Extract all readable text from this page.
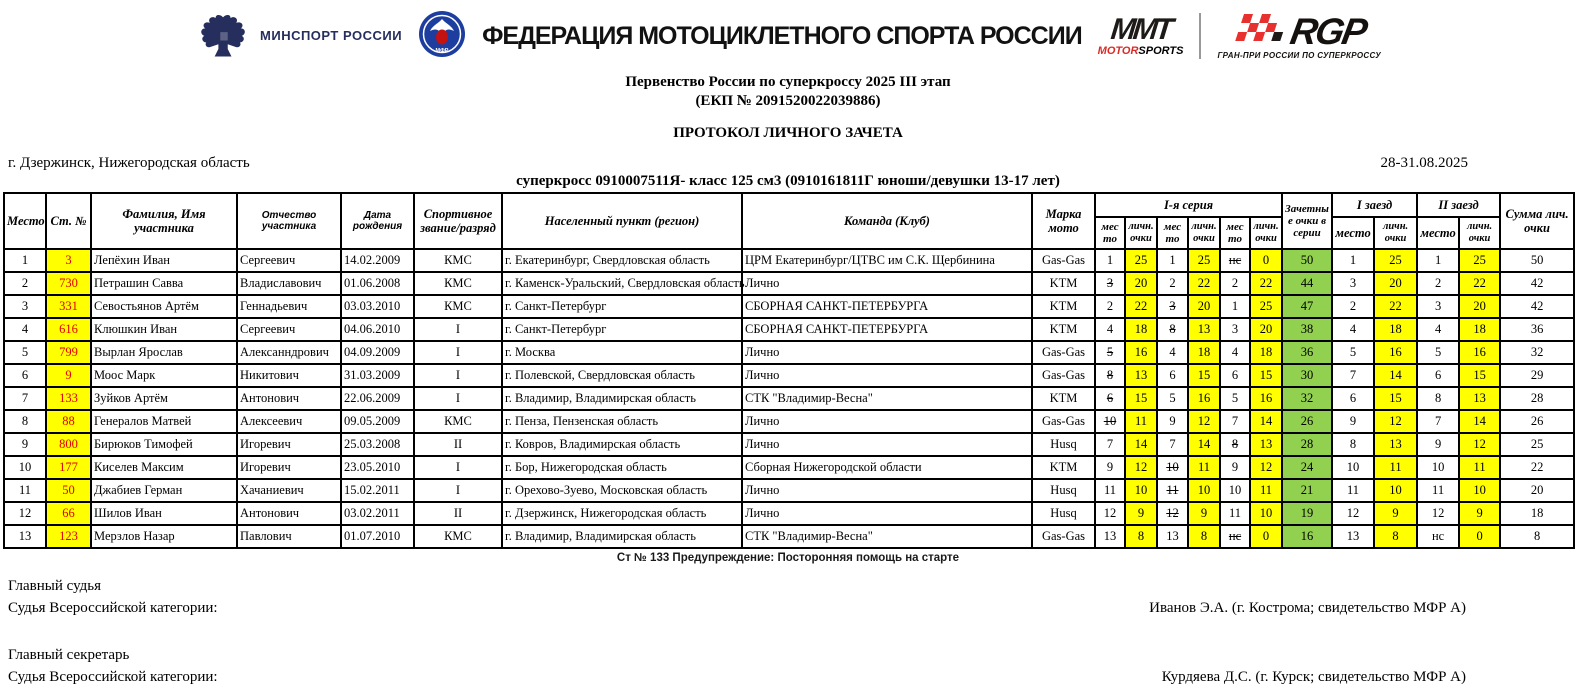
МИНСПОРТ РОССИИ
МФР
ФЕДЕРАЦИЯ МОТОЦИКЛЕТНОГО СПОРТА РОССИИ ММТ
MOTORSPORTS	RGP
ГРАН-ПРИ РОССИИ ПО СУПЕРКРОССУ
Первенство России по суперкроссу 2025 III этап
(ЕКП № 2091520022039886)
ПРОТОКОЛ ЛИЧНОГО ЗАЧЕТА
г. Дзержинск, Нижегородская область	28-31.08.2025
суперкросс 0910007511Я- класс 125 см3 (0910161811Г юноши/девушки 13-17 лет)
Место	Ст. №	Фамилия, Имя участника	Отчество участника	Дата рождения	Спортивное звание/разряд	Населенный пункт (регион)	Команда (Клуб)	Марка мото	I-я серия						Зачетные очки в серии	I заезд		II заезд		Сумма лич. очки
									место	личн. очки	место	личн. очки	место	личн. очки		место	личн. очки	место	личн. очки	
1	3	Лепёхин Иван	Сергеевич	14.02.2009	КМС	г. Екатеринбург, Свердловская область	ЦРМ Екатеринбург/ЦТВС им С.К. Щербинина	Gas-Gas	1	25	1	25	нс	0	50	1	25	1	25	50
2	730	Петрашин Савва	Владиславович	01.06.2008	КМС	г. Каменск-Уральский, Свердловская область	Лично	KTM	3	20	2	22	2	22	44	3	20	2	22	42
3	331	Севостьянов Артём	Геннадьевич	03.03.2010	КМС	г. Санкт-Петербург	СБОРНАЯ САНКТ-ПЕТЕРБУРГА	KTM	2	22	3	20	1	25	47	2	22	3	20	42
4	616	Клюшкин Иван	Сергеевич	04.06.2010	I	г. Санкт-Петербург	СБОРНАЯ САНКТ-ПЕТЕРБУРГА	KTM	4	18	8	13	3	20	38	4	18	4	18	36
5	799	Вырлан Ярослав	Алексанндрович	04.09.2009	I	г. Москва	Лично	Gas-Gas	5	16	4	18	4	18	36	5	16	5	16	32
6	9	Моос Марк	Никитович	31.03.2009	I	г. Полевской, Свердловская область	Лично	Gas-Gas	8	13	6	15	6	15	30	7	14	6	15	29
7	133	Зуйков Артём	Антонович	22.06.2009	I	г. Владимир, Владимирская область	СТК "Владимир-Весна"	KTM	6	15	5	16	5	16	32	6	15	8	13	28
8	88	Генералов Матвей	Алексеевич	09.05.2009	КМС	г. Пенза, Пензенская область	Лично	Gas-Gas	10	11	9	12	7	14	26	9	12	7	14	26
9	800	Бирюков Тимофей	Игоревич	25.03.2008	II	г. Ковров, Владимирская область	Лично	Husq	7	14	7	14	8	13	28	8	13	9	12	25
10	177	Киселев Максим	Игоревич	23.05.2010	I	г. Бор, Нижегородская область	Сборная Нижегородской области	KTM	9	12	10	11	9	12	24	10	11	10	11	22
11	50	Джабиев Герман	Хачаниевич	15.02.2011	I	г. Орехово-Зуево, Московская область	Лично	Husq	11	10	11	10	10	11	21	11	10	11	10	20
12	66	Шилов Иван	Антонович	03.02.2011	II	г. Дзержинск, Нижегородская область	Лично	Husq	12	9	12	9	11	10	19	12	9	12	9	18
13	123	Мерзлов Назар	Павлович	01.07.2010	КМС	г. Владимир, Владимирская область	СТК "Владимир-Весна"	Gas-Gas	13	8	13	8	нс	0	16	13	8	нс	0	8
Ст № 133 Предупреждение: Посторонняя помощь на старте
Главный судья
Судья Всероссийской категории:	Иванов Э.А. (г. Кострома; свидетельство МФР А)
Главный секретарь
Судья Всероссийской категории:	Курдяева Д.С. (г. Курск; свидетельство МФР А)
